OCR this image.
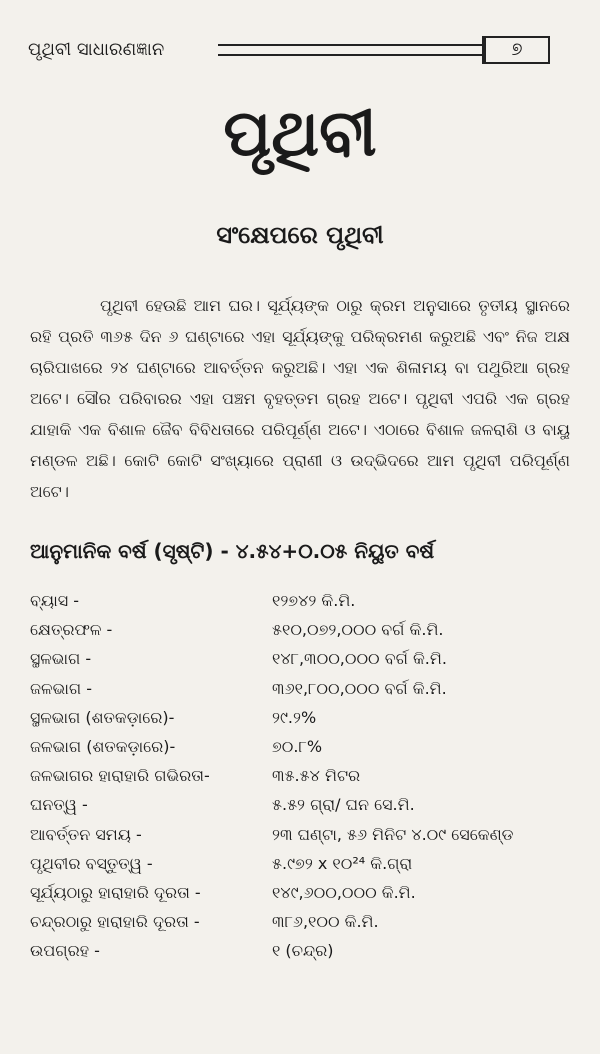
ପୃଥିବୀ ସାଧାରଣଜ୍ଞାନ	୭
ପୃଥିବୀ
ସଂକ୍ଷେପରେ ପୃଥିବୀ

ପୃଥିବୀ ହେଉଛି ଆମ ଘର। ସୂର୍ଯ୍ୟଙ୍କ ଠାରୁ କ୍ରମ ଅନୁସାରେ ତୃତୀୟ ସ୍ଥାନରେ ରହି ପ୍ରତି ୩୬୫ ଦିନ ୬ ଘଣ୍ଟାରେ ଏହା ସୂର୍ଯ୍ୟଙ୍କୁ ପରିକ୍ରମଣ କରୁଅଛି ଏବଂ ନିଜ ଅକ୍ଷ ଚାରିପାଖରେ ୨୪ ଘଣ୍ଟାରେ ଆବର୍ତ୍ତନ କରୁଅଛି। ଏହା ଏକ ଶିଳାମୟ ବା ପଥୁରିଆ ଗ୍ରହ ଅଟେ। ସୌର ପରିବାରର ଏହା ପଞ୍ଚମ ବୃହତ୍ତମ ଗ୍ରହ ଅଟେ। ପୃଥିବୀ ଏପରି ଏକ ଗ୍ରହ ଯାହାକି ଏକ ବିଶାଳ ଜୈବ ବିବିଧତାରେ ପରିପୂର୍ଣ୍ଣ ଅଟେ। ଏଠାରେ ବିଶାଳ ଜଳରାଶି ଓ ବାୟୁ ମଣ୍ଡଳ ଅଛି। କୋଟି କୋଟି ସଂଖ୍ୟାରେ ପ୍ରାଣୀ ଓ ଉଦ୍ଭିଦରେ ଆମ ପୃଥିବୀ ପରିପୂର୍ଣ୍ଣ ଅଟେ।

ଆନୁମାନିକ ବର୍ଷ (ସୃଷ୍ଟି) - ୪.୫୪+୦.୦୫ ନିୟୁତ ବର୍ଷ
ବ୍ୟାସ -	୧୨୭୪୨ କି.ମି.
କ୍ଷେତ୍ରଫଳ -	୫୧୦,୦୭୨,୦୦୦ ବର୍ଗ କି.ମି.
ସ୍ଥଳଭାଗ -	୧୪୮,୩୦୦,୦୦୦ ବର୍ଗ କି.ମି.
ଜଳଭାଗ -	୩୬୧,୮୦୦,୦୦୦ ବର୍ଗ କି.ମି.
ସ୍ଥଳଭାଗ (ଶତକଡ଼ାରେ)-	୨୯.୨%
ଜଳଭାଗ (ଶତକଡ଼ାରେ)-	୭୦.୮%
ଜଳଭାଗର ହାରାହାରି ଗଭିରତା-	୩୫.୫୪ ମିଟର
ଘନତ୍ୱ -	୫.୫୨ ଗ୍ରା/ ଘନ ସେ.ମି.
ଆବର୍ତ୍ତନ ସମୟ -	୨୩ ଘଣ୍ଟା, ୫୬ ମିନିଟ ୪.୦୯ ସେକେଣ୍ଡ
ପୃଥିବୀର ବସ୍ତୁତ୍ୱ -	୫.୯୭୨ x ୧୦²⁴ କି.ଗ୍ରା
ସୂର୍ଯ୍ୟଠାରୁ ହାରାହାରି ଦୂରତା -	୧୪୯,୬୦୦,୦୦୦ କି.ମି.
ଚନ୍ଦ୍ରଠାରୁ ହାରାହାରି ଦୂରତା -	୩୮୬,୧୦୦ କି.ମି.
ଉପଗ୍ରହ -	୧ (ଚନ୍ଦ୍ର)
